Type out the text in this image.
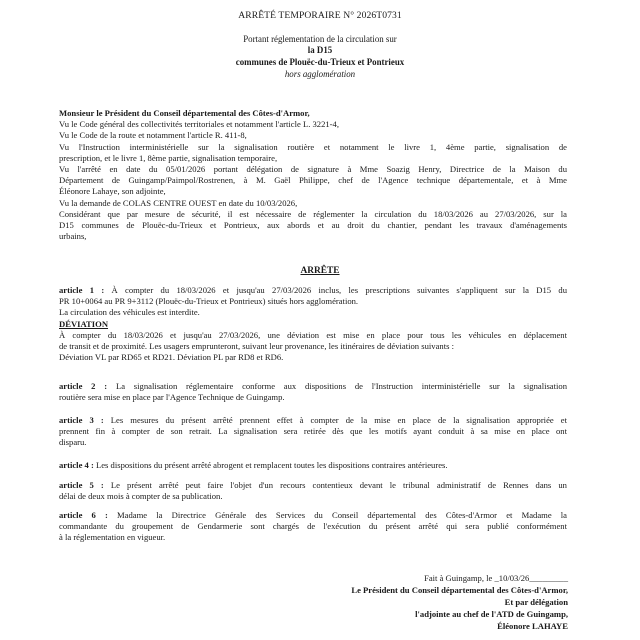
ARRÊTÉ TEMPORAIRE N° 2026T0731
Portant réglementation de la circulation sur
la D15
communes de Plouëc-du-Trieux et Pontrieux
hors agglomération
Monsieur le Président du Conseil départemental des Côtes-d'Armor,
Vu le Code général des collectivités territoriales et notamment l'article L. 3221-4,
Vu le Code de la route et notamment l'article R. 411-8,
Vu l'Instruction interministérielle sur la signalisation routière et notamment le livre 1, 4ème partie, signalisation de
prescription, et le livre 1, 8ème partie, signalisation temporaire,
Vu l'arrêté en date du 05/01/2026 portant délégation de signature à Mme Soazig Henry, Directrice de la Maison du
Département de Guingamp/Paimpol/Rostrenen, à M. Gaël Philippe, chef de l'Agence technique départementale, et à Mme
Éléonore Lahaye, son adjointe,
Vu la demande de COLAS CENTRE OUEST en date du 10/03/2026,
Considérant que par mesure de sécurité, il est nécessaire de réglementer la circulation du 18/03/2026 au 27/03/2026, sur la
D15 communes de Plouëc-du-Trieux et Pontrieux, aux abords et au droit du chantier, pendant les travaux d'aménagements
urbains,
ARRÊTE
article 1 : À compter du 18/03/2026 et jusqu'au 27/03/2026 inclus, les prescriptions suivantes s'appliquent sur la D15 du
PR 10+0064 au PR 9+3112 (Plouëc-du-Trieux et Pontrieux) situés hors agglomération.
La circulation des véhicules est interdite.
DÉVIATION
À compter du 18/03/2026 et jusqu'au 27/03/2026, une déviation est mise en place pour tous les véhicules en déplacement
de transit et de proximité. Les usagers emprunteront, suivant leur provenance, les itinéraires de déviation suivants :
Déviation VL par RD65 et RD21. Déviation PL par RD8 et RD6.
article 2 : La signalisation réglementaire conforme aux dispositions de l'Instruction interministérielle sur la signalisation
routière sera mise en place par l'Agence Technique de Guingamp.
article 3 : Les mesures du présent arrêté prennent effet à compter de la mise en place de la signalisation appropriée et
prennent fin à compter de son retrait. La signalisation sera retirée dès que les motifs ayant conduit à sa mise en place ont
disparu.
article 4 : Les dispositions du présent arrêté abrogent et remplacent toutes les dispositions contraires antérieures.
article 5 : Le présent arrêté peut faire l'objet d'un recours contentieux devant le tribunal administratif de Rennes dans un
délai de deux mois à compter de sa publication.
article 6 : Madame la Directrice Générale des Services du Conseil départemental des Côtes-d'Armor et Madame la
commandante du groupement de Gendarmerie sont chargés de l'exécution du présent arrêté qui sera publié conformément
à la réglementation en vigueur.
Fait à Guingamp, le _10/03/26_________
Le Président du Conseil départemental des Côtes-d'Armor,
Et par délégation
l'adjointe au chef de l'ATD de Guingamp,
Éléonore LAHAYE
